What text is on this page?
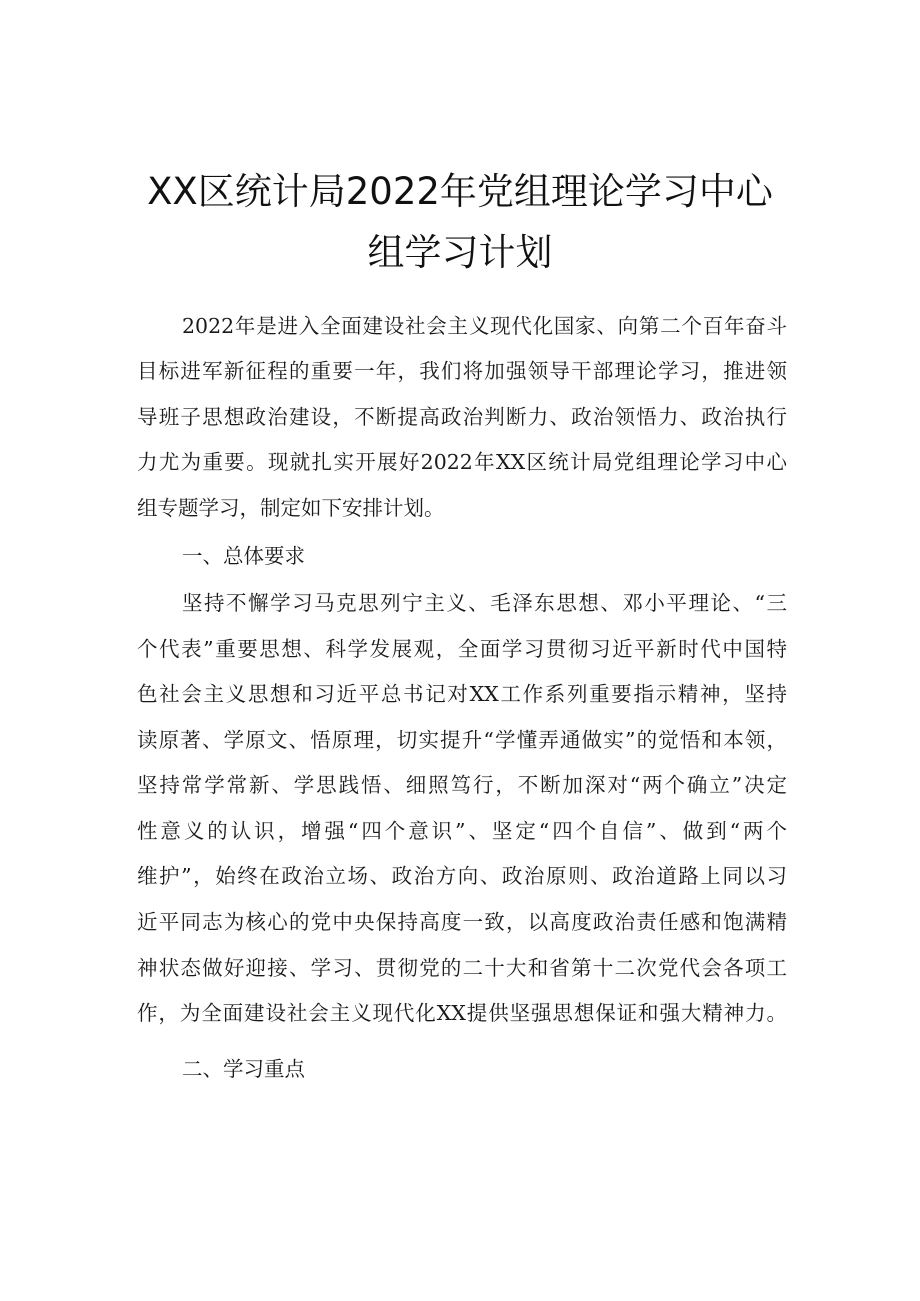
XX区统计局2022年党组理论学习中心
组学习计划
2022年是进入全面建设社会主义现代化国家、向第二个百年奋斗
目标进军新征程的重要一年，我们将加强领导干部理论学习，推进领
导班子思想政治建设，不断提高政治判断力、政治领悟力、政治执行
力尤为重要。现就扎实开展好2022年XX区统计局党组理论学习中心
组专题学习，制定如下安排计划。
一、总体要求
坚持不懈学习马克思列宁主义、毛泽东思想、邓小平理论、“三
个代表”重要思想、科学发展观，全面学习贯彻习近平新时代中国特
色社会主义思想和习近平总书记对XX工作系列重要指示精神，坚持
读原著、学原文、悟原理，切实提升“学懂弄通做实”的觉悟和本领，
坚持常学常新、学思践悟、细照笃行，不断加深对“两个确立”决定
性意义的认识，增强“四个意识”、坚定“四个自信”、做到“两个
维护”，始终在政治立场、政治方向、政治原则、政治道路上同以习
近平同志为核心的党中央保持高度一致，以高度政治责任感和饱满精
神状态做好迎接、学习、贯彻党的二十大和省第十二次党代会各项工
作，为全面建设社会主义现代化XX提供坚强思想保证和强大精神力。
二、学习重点
